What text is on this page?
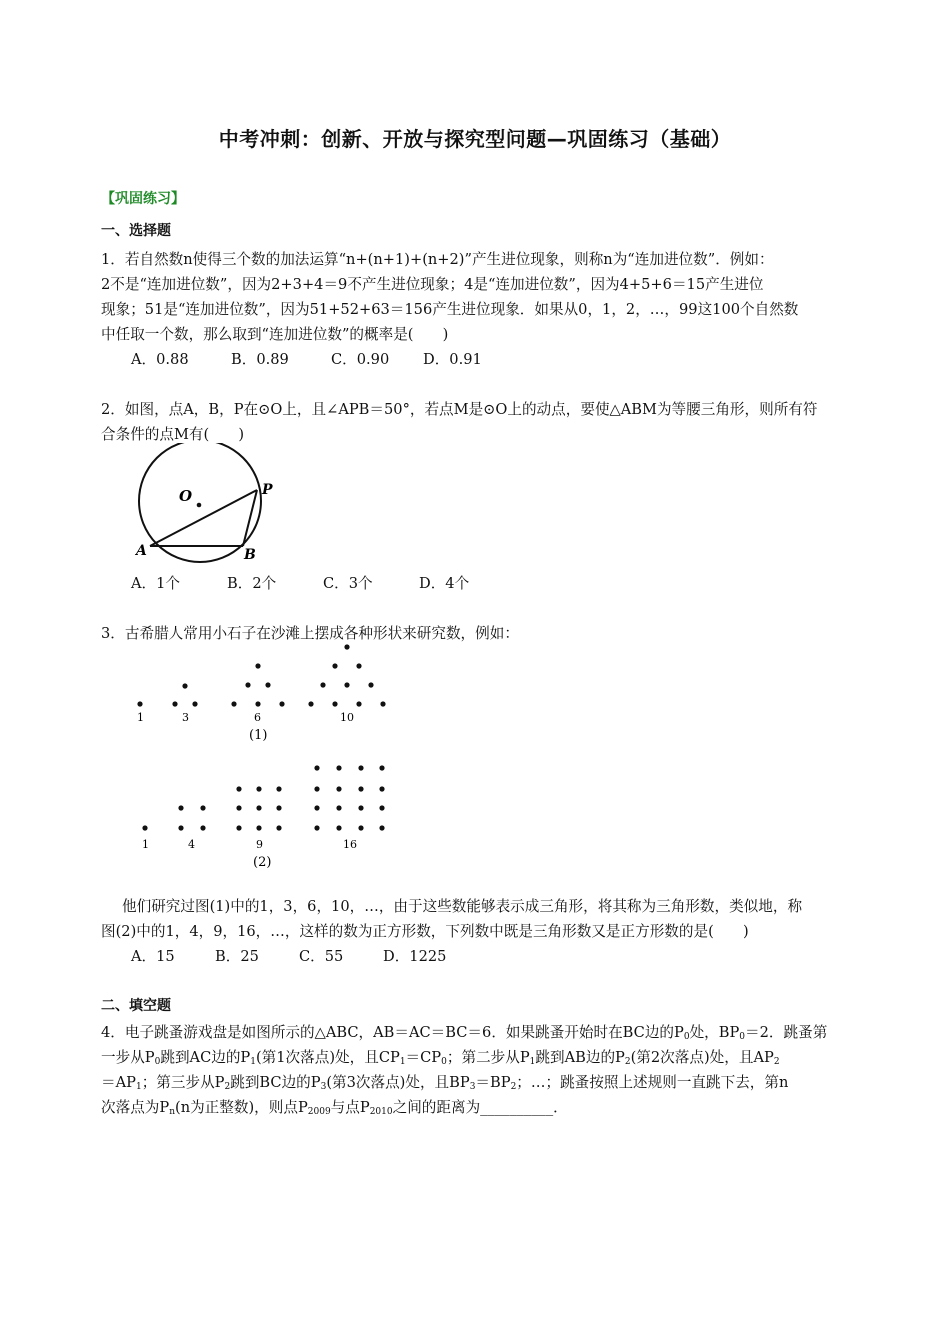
中考冲刺：创新、开放与探究型问题—巩固练习（基础）
【巩固练习】
一、选择题
1．若自然数n使得三个数的加法运算“n+(n+1)+(n+2)”产生进位现象，则称n为“连加进位数”．例如：
2不是“连加进位数”，因为2+3+4＝9不产生进位现象；4是“连加进位数”，因为4+5+6＝15产生进位
现象；51是“连加进位数”，因为51+52+63＝156产生进位现象．如果从0，1，2，…，99这100个自然数
中任取一个数，那么取到“连加进位数”的概率是(　　)
A．0.88	B．0.89	C．0.90 D．0.91
2．如图，点A，B，P在⊙O上，且∠APB＝50°，若点M是⊙O上的动点，要使△ABM为等腰三角形，则所有符
合条件的点M有(　　)
O
A	B
P
A．1个	B．2个	C．3个	D．4个
3．古希腊人常用小石子在沙滩上摆成各种形状来研究数，例如：
1	3	6	10
(1)
1	4	9	16
(2)
他们研究过图(1)中的1，3，6，10，…，由于这些数能够表示成三角形，将其称为三角形数，类似地，称
图(2)中的1，4，9，16，…，这样的数为正方形数，下列数中既是三角形数又是正方形数的是(　　)
A．15	B．25	C．55	D．1225
二、填空题
4．电子跳蚤游戏盘是如图所示的△ABC，AB＝AC＝BC＝6．如果跳蚤开始时在BC边的$P_0$处，$BP_0=2$．跳蚤第
一步从$P_0$跳到AC边的$P_1$(第1次落点)处，且$CP_1=CP_0$；第二步从$P_1$跳到AB边的$P_2$(第2次落点)处，且$AP_2$
$=AP_1$；第三步从$P_2$跳到BC边的$P_3$(第3次落点)处，且$BP_3=BP_2$；…；跳蚤按照上述规则一直跳下去，第n
次落点为$P_n(n$为正整数)，则点$P_{2009}$与点$P_{2010}$之间的距离为__________．
